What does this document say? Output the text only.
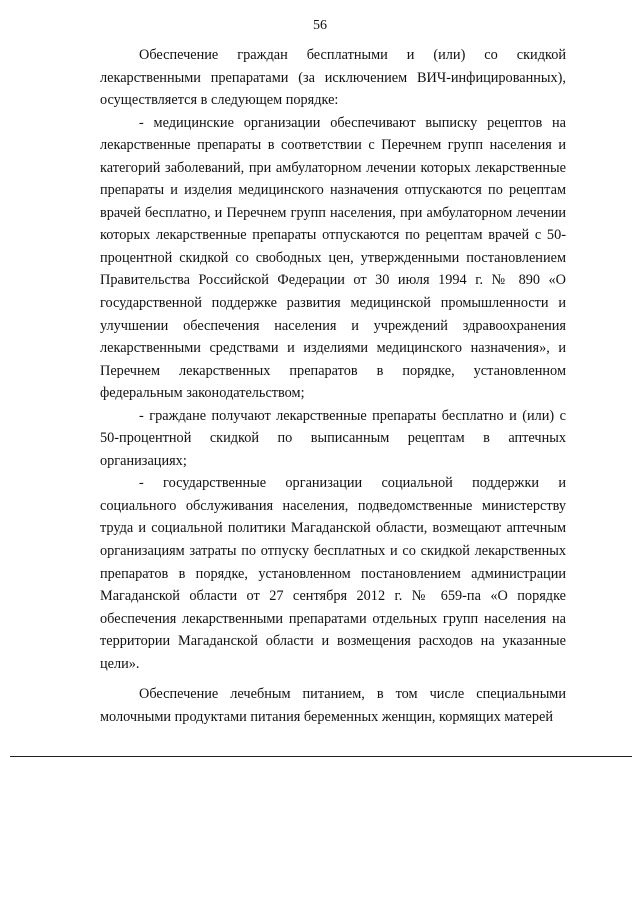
56

Обеспечение граждан бесплатными и (или) со скидкой лекарственными препаратами (за исключением ВИЧ-инфицированных), осуществляется в следующем порядке:

- медицинские организации обеспечивают выписку рецептов на лекарственные препараты в соответствии с Перечнем групп населения и категорий заболеваний, при амбулаторном лечении которых лекарственные препараты и изделия медицинского назначения отпускаются по рецептам врачей бесплатно, и Перечнем групп населения, при амбулаторном лечении которых лекарственные препараты отпускаются по рецептам врачей с 50-процентной скидкой со свободных цен, утвержденными постановлением Правительства Российской Федерации от 30 июля 1994 г. № 890 «О государственной поддержке развития медицинской промышленности и улучшении обеспечения населения и учреждений здравоохранения лекарственными средствами и изделиями медицинского назначения», и Перечнем лекарственных препаратов в порядке, установленном федеральным законодательством;

- граждане получают лекарственные препараты бесплатно и (или) с 50-процентной скидкой по выписанным рецептам в аптечных организациях;

- государственные организации социальной поддержки и социального обслуживания населения, подведомственные министерству труда и социальной политики Магаданской области, возмещают аптечным организациям затраты по отпуску бесплатных и со скидкой лекарственных препаратов в порядке, установленном постановлением администрации Магаданской области от 27 сентября 2012 г. № 659-па «О порядке обеспечения лекарственными препаратами отдельных групп населения на территории Магаданской области и возмещения расходов на указанные цели».

Обеспечение лечебным питанием, в том числе специальными молочными продуктами питания беременных женщин, кормящих матерей
